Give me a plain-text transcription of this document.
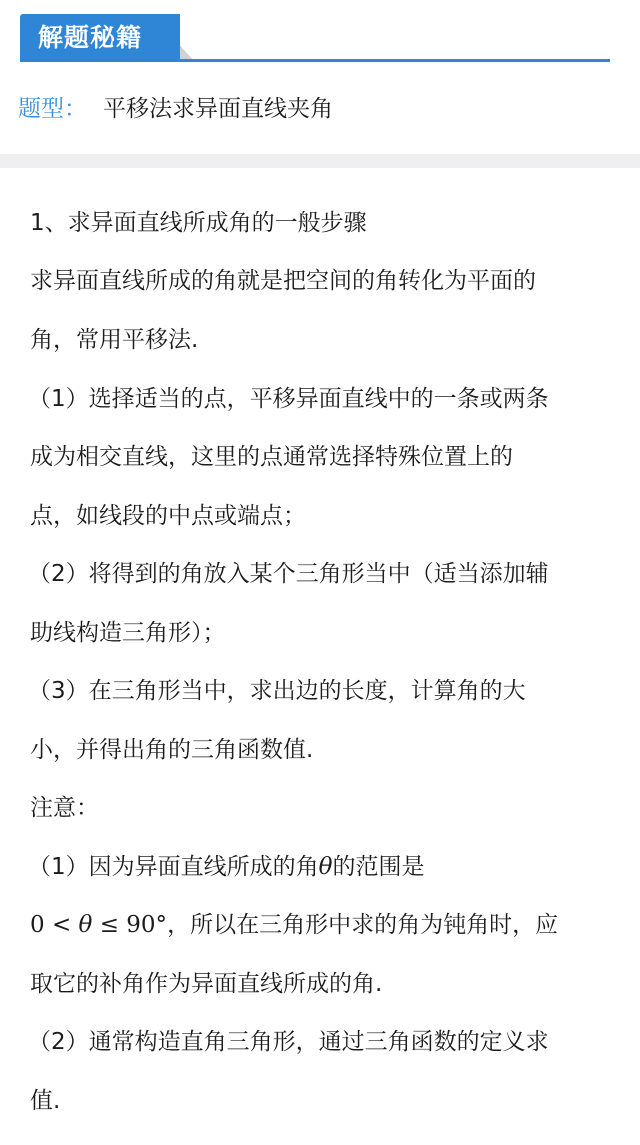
解题秘籍
题型： 平移法求异面直线夹角
1、求异面直线所成角的一般步骤
求异面直线所成的角就是把空间的角转化为平面的
角，常用平移法.
（1）选择适当的点，平移异面直线中的一条或两条
成为相交直线，这里的点通常选择特殊位置上的
点，如线段的中点或端点；
（2）将得到的角放入某个三角形当中（适当添加辅
助线构造三角形）；
（3）在三角形当中，求出边的长度，计算角的大
小，并得出角的三角函数值.
注意：
（1）因为异面直线所成的角θ的范围是
0 < θ ≤ 90°，所以在三角形中求的角为钝角时，应
取它的补角作为异面直线所成的角.
（2）通常构造直角三角形，通过三角函数的定义求
值.
